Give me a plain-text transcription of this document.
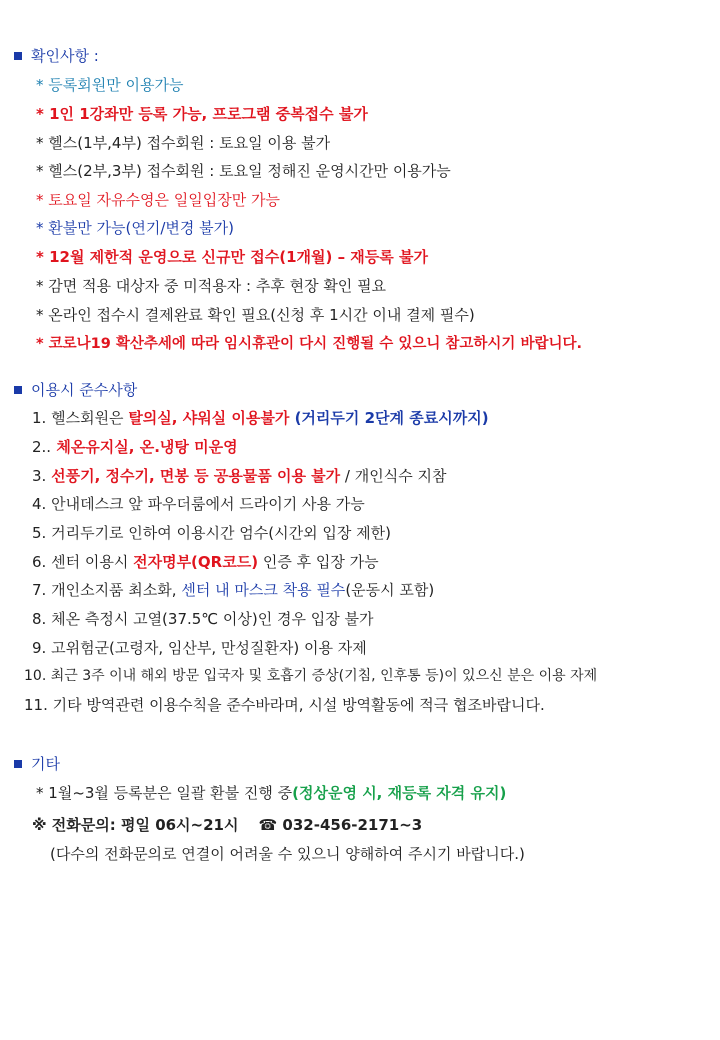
확인사항 :
* 등록회원만 이용가능
* 1인 1강좌만 등록 가능, 프로그램 중복접수 불가
* 헬스(1부,4부) 접수회원 : 토요일 이용 불가
* 헬스(2부,3부) 접수회원 : 토요일 정해진 운영시간만 이용가능
* 토요일 자유수영은 일일입장만 가능
* 환불만 가능(연기/변경 불가)
* 12월 제한적 운영으로 신규만 접수(1개월) – 재등록 불가
* 감면 적용 대상자 중 미적용자 : 추후 현장 확인 필요
* 온라인 접수시 결제완료 확인 필요(신청 후 1시간 이내 결제 필수)
* 코로나19 확산추세에 따라 임시휴관이 다시 진행될 수 있으니 참고하시기 바랍니다.
이용시 준수사항
1. 헬스회원은 탈의실, 샤워실 이용불가 (거리두기 2단계 종료시까지)
2.. 체온유지실, 온.냉탕 미운영
3. 선풍기, 정수기, 면봉 등 공용물품 이용 불가 / 개인식수 지참
4. 안내데스크 앞 파우더룸에서 드라이기 사용 가능
5. 거리두기로 인하여 이용시간 엄수(시간외 입장 제한)
6. 센터 이용시 전자명부(QR코드) 인증 후 입장 가능
7. 개인소지품 최소화, 센터 내 마스크 착용 필수(운동시 포함)
8. 체온 측정시 고열(37.5℃ 이상)인 경우 입장 불가
9. 고위험군(고령자, 임산부, 만성질환자) 이용 자제
10. 최근 3주 이내 해외 방문 입국자 및 호흡기 증상(기침, 인후통 등)이 있으신 분은 이용 자제
11. 기타 방역관련 이용수칙을 준수바라며, 시설 방역활동에 적극 협조바랍니다.
기타
* 1월~3월 등록분은 일괄 환불 진행 중(정상운영 시, 재등록 자격 유지)
※ 전화문의: 평일 06시~21시 ☎ 032-456-2171~3
(다수의 전화문의로 연결이 어려울 수 있으니 양해하여 주시기 바랍니다.)
